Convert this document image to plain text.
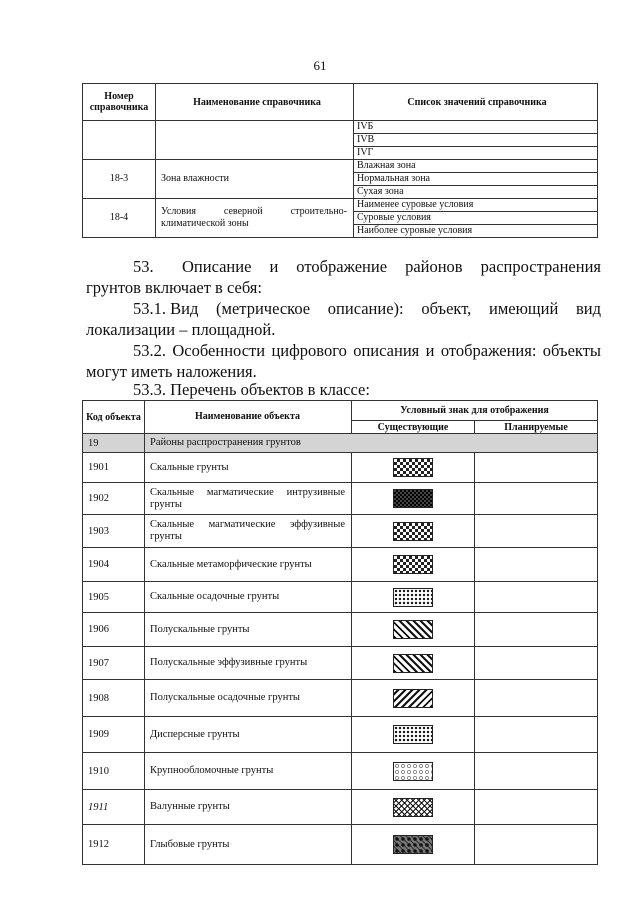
61
Номер справочника	Наименование справочника	Список значений справочника
		IVБ
		IVВ
		IVГ
18-3	Зона влажности	Влажная зона
		Нормальная зона
		Сухая зона
18-4	Условия северной строительно-климатической зоны	Наименее суровые условия
		Суровые условия
		Наиболее суровые условия
53.	Описание и отображение районов распространения грунтов включает в себя:

53.1. Вид (метрическое описание): объект, имеющий вид
локализации – площадной.

53.2. Особенности цифрового описания и отображения: объекты могут иметь наложения.

53.3. Перечень объектов в классе:

Код объекта	Наименование объекта	Условный знак для отображения	
		Существующие	Планируемые
19	Районы распространения грунтов		
1901	Скальные грунты		
1902	Скальные магматические интрузивные грунты		
1903	Скальные магматические эффузивные грунты		
1904	Скальные метаморфические грунты		
1905	Скальные осадочные грунты		
1906	Полускальные грунты		
1907	Полускальные эффузивные грунты		
1908	Полускальные осадочные грунты		
1909	Дисперсные грунты		
1910	Крупнообломочные грунты		
1911	Валунные грунты		
1912	Глыбовые грунты		
